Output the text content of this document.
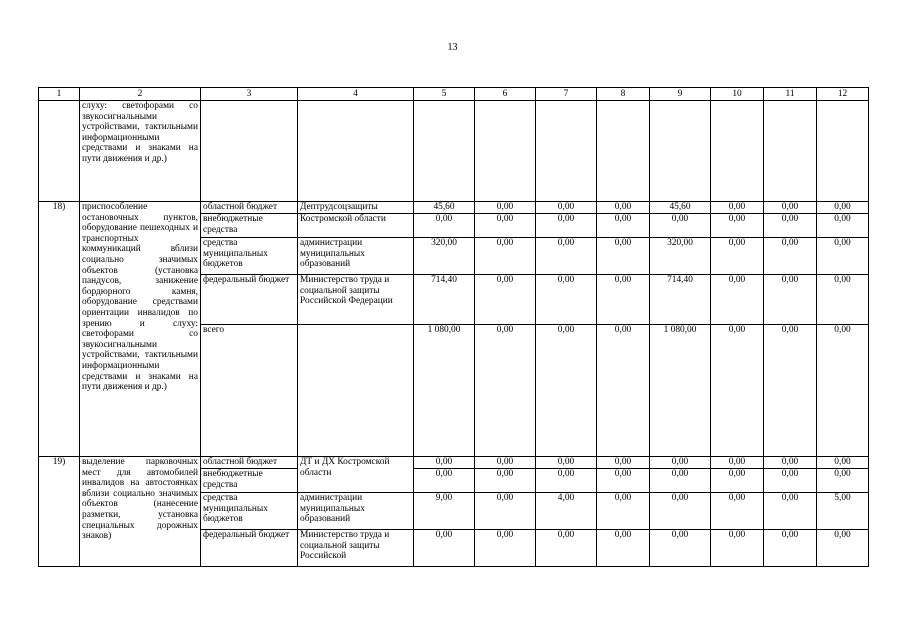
13
1	2	3	4	5	6	7	8	9	10	11	12
	слуху: светофорами со звукосигнальными устройствами, тактильными информационными средствами и знаками на пути движения и др.)										
18)	приспособление остановочных пунктов, оборудование пешеходных и транспортных коммуникаций вблизи социально значимых объектов (установка пандусов, занижение бордюрного камня, оборудование средствами ориентации инвалидов по зрению и слуху: светофорами со звукосигнальными устройствами, тактильными информационными средствами и знаками на пути движения и др.)	областной бюджет	Дептрудсоцзащиты	45,60	0,00	0,00	0,00	45,60	0,00	0,00	0,00
		внебюджетные средства	Костромской области	0,00	0,00	0,00	0,00	0,00	0,00	0,00	0,00
		средства муниципальных бюджетов	администрации муниципальных образований	320,00	0,00	0,00	0,00	320,00	0,00	0,00	0,00
		федеральный бюджет	Министерство труда и социальной защиты Российской Федерации	714,40	0,00	0,00	0,00	714,40	0,00	0,00	0,00
		всего		1 080,00	0,00	0,00	0,00	1 080,00	0,00	0,00	0,00
19)	выделение парковочных мест для автомобилей инвалидов на автостоянках вблизи социально значимых объектов (нанесение разметки, установка специальных дорожных знаков)	областной бюджет	ДТ и ДХ Костромской области	0,00	0,00	0,00	0,00	0,00	0,00	0,00	0,00
		внебюджетные средства		0,00	0,00	0,00	0,00	0,00	0,00	0,00	0,00
		средства муниципальных бюджетов	администрации муниципальных образований	9,00	0,00	4,00	0,00	0,00	0,00	0,00	5,00
		федеральный бюджет	Министерство труда и социальной защиты Российской	0,00	0,00	0,00	0,00	0,00	0,00	0,00	0,00
